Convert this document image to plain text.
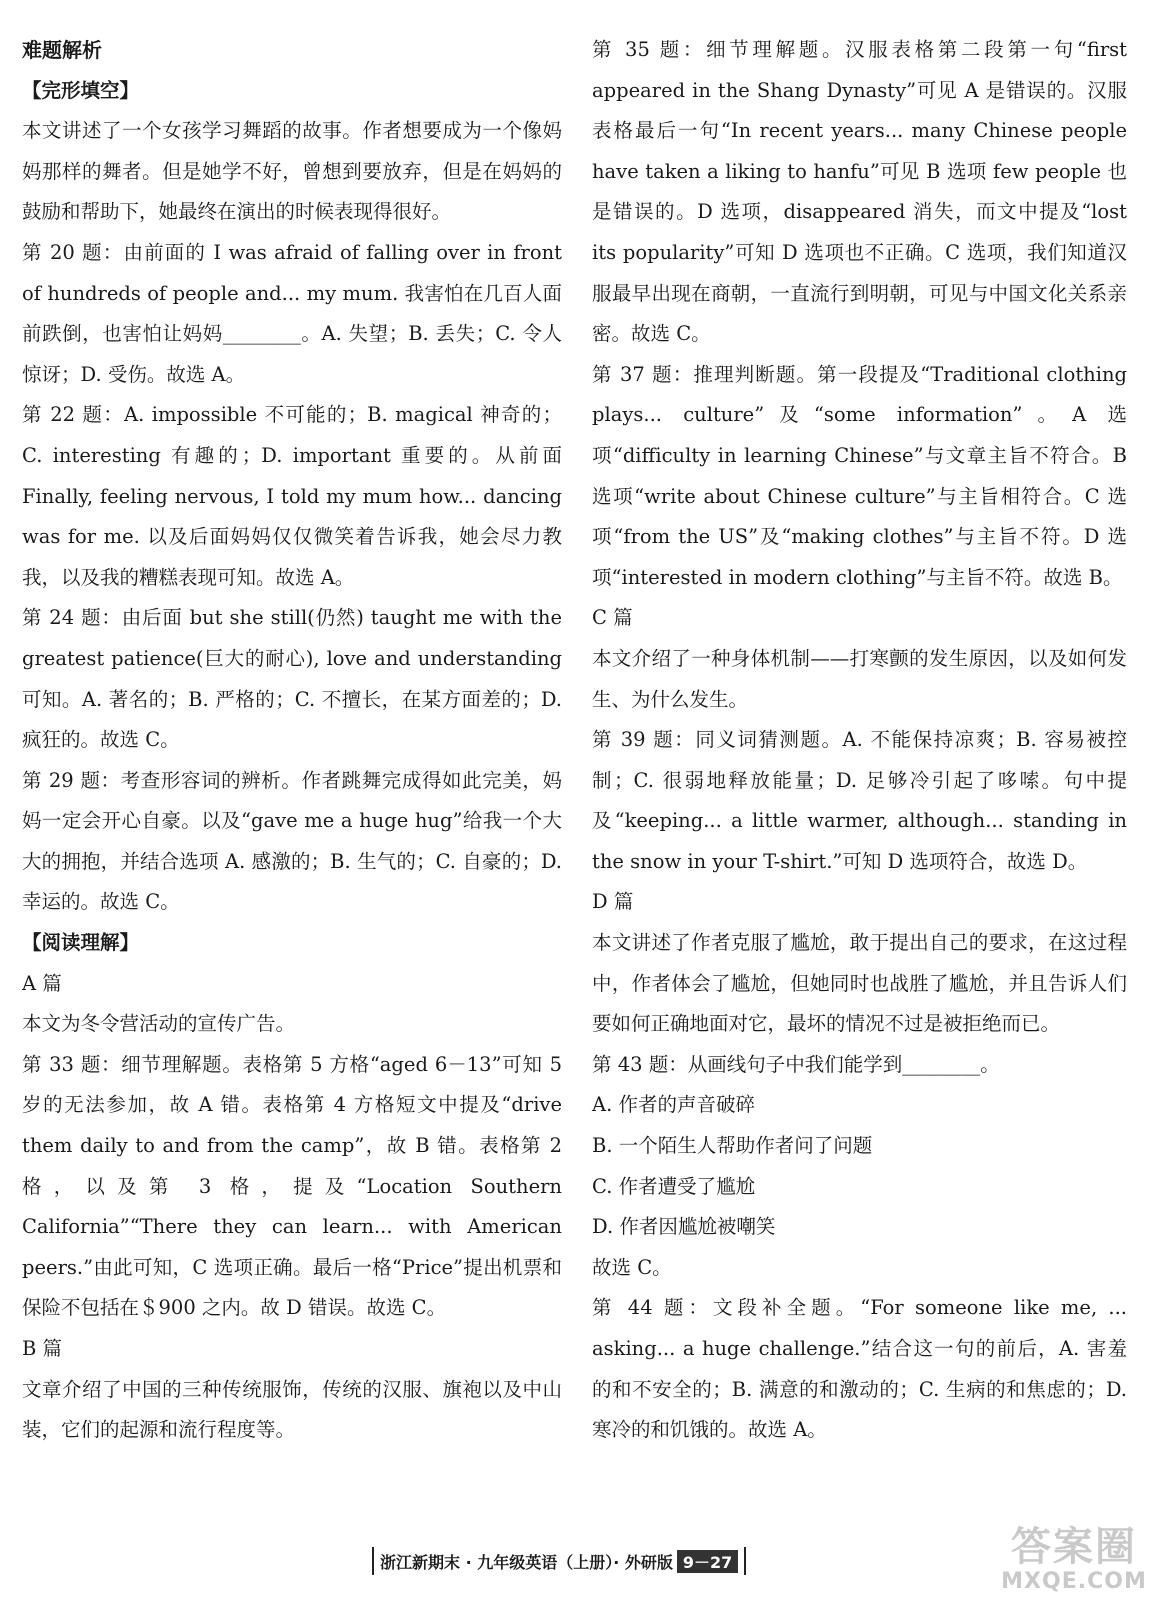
难题解析
【完形填空】
本文讲述了一个女孩学习舞蹈的故事。作者想要成为一个像妈妈那样的舞者。但是她学不好，曾想到要放弃，但是在妈妈的鼓励和帮助下，她最终在演出的时候表现得很好。
第 20 题：由前面的 I was afraid of falling over in front of hundreds of people and... my mum. 我害怕在几百人面前跌倒，也害怕让妈妈________。A. 失望；B. 丢失；C. 令人惊讶；D. 受伤。故选 A。
第 22 题：A. impossible 不可能的；B. magical 神奇的；C. interesting 有趣的；D. important 重要的。从前面 Finally, feeling nervous, I told my mum how... dancing was for me. 以及后面妈妈仅仅微笑着告诉我，她会尽力教我，以及我的糟糕表现可知。故选 A。
第 24 题：由后面 but she still(仍然) taught me with the greatest patience(巨大的耐心), love and understanding 可知。A. 著名的；B. 严格的；C. 不擅长，在某方面差的；D. 疯狂的。故选 C。
第 29 题：考查形容词的辨析。作者跳舞完成得如此完美，妈妈一定会开心自豪。以及“gave me a huge hug”给我一个大大的拥抱，并结合选项 A. 感激的；B. 生气的；C. 自豪的；D. 幸运的。故选 C。
【阅读理解】
A 篇
本文为冬令营活动的宣传广告。
第 33 题：细节理解题。表格第 5 方格“aged 6－13”可知 5 岁的无法参加，故 A 错。表格第 4 方格短文中提及“drive them daily to and from the camp”，故 B 错。表格第 2 格，以及第 3 格，提及“Location Southern California”“There they can learn... with American peers.”由此可知，C 选项正确。最后一格“Price”提出机票和保险不包括在＄900 之内。故 D 错误。故选 C。
B 篇
文章介绍了中国的三种传统服饰，传统的汉服、旗袍以及中山装，它们的起源和流行程度等。
第 35 题：细节理解题。汉服表格第二段第一句“first appeared in the Shang Dynasty”可见 A 是错误的。汉服表格最后一句“In recent years... many Chinese people have taken a liking to hanfu”可见 B 选项 few people 也是错误的。D 选项，disappeared 消失，而文中提及“lost its popularity”可知 D 选项也不正确。C 选项，我们知道汉服最早出现在商朝，一直流行到明朝，可见与中国文化关系亲密。故选 C。
第 37 题：推理判断题。第一段提及“Traditional clothing plays... culture”及“some information”。A 选项“difficulty in learning Chinese”与文章主旨不符合。B 选项“write about Chinese culture”与主旨相符合。C 选项“from the US”及“making clothes”与主旨不符。D 选项“interested in modern clothing”与主旨不符。故选 B。
C 篇
本文介绍了一种身体机制——打寒颤的发生原因，以及如何发生、为什么发生。
第 39 题：同义词猜测题。A. 不能保持凉爽；B. 容易被控制；C. 很弱地释放能量；D. 足够冷引起了哆嗦。句中提及“keeping... a little warmer, although... standing in the snow in your T-shirt.”可知 D 选项符合，故选 D。
D 篇
本文讲述了作者克服了尴尬，敢于提出自己的要求，在这过程中，作者体会了尴尬，但她同时也战胜了尴尬，并且告诉人们要如何正确地面对它，最坏的情况不过是被拒绝而已。
第 43 题：从画线句子中我们能学到________。
A. 作者的声音破碎
B. 一个陌生人帮助作者问了问题
C. 作者遭受了尴尬
D. 作者因尴尬被嘲笑
故选 C。
第 44 题：文段补全题。“For someone like me, ... asking... a huge challenge.”结合这一句的前后，A. 害羞的和不安全的；B. 满意的和激动的；C. 生病的和焦虑的；D. 寒冷的和饥饿的。故选 A。
浙江新期末 · 九年级英语（上册）· 外研版 9－27	答案圈
MXQE.COM
